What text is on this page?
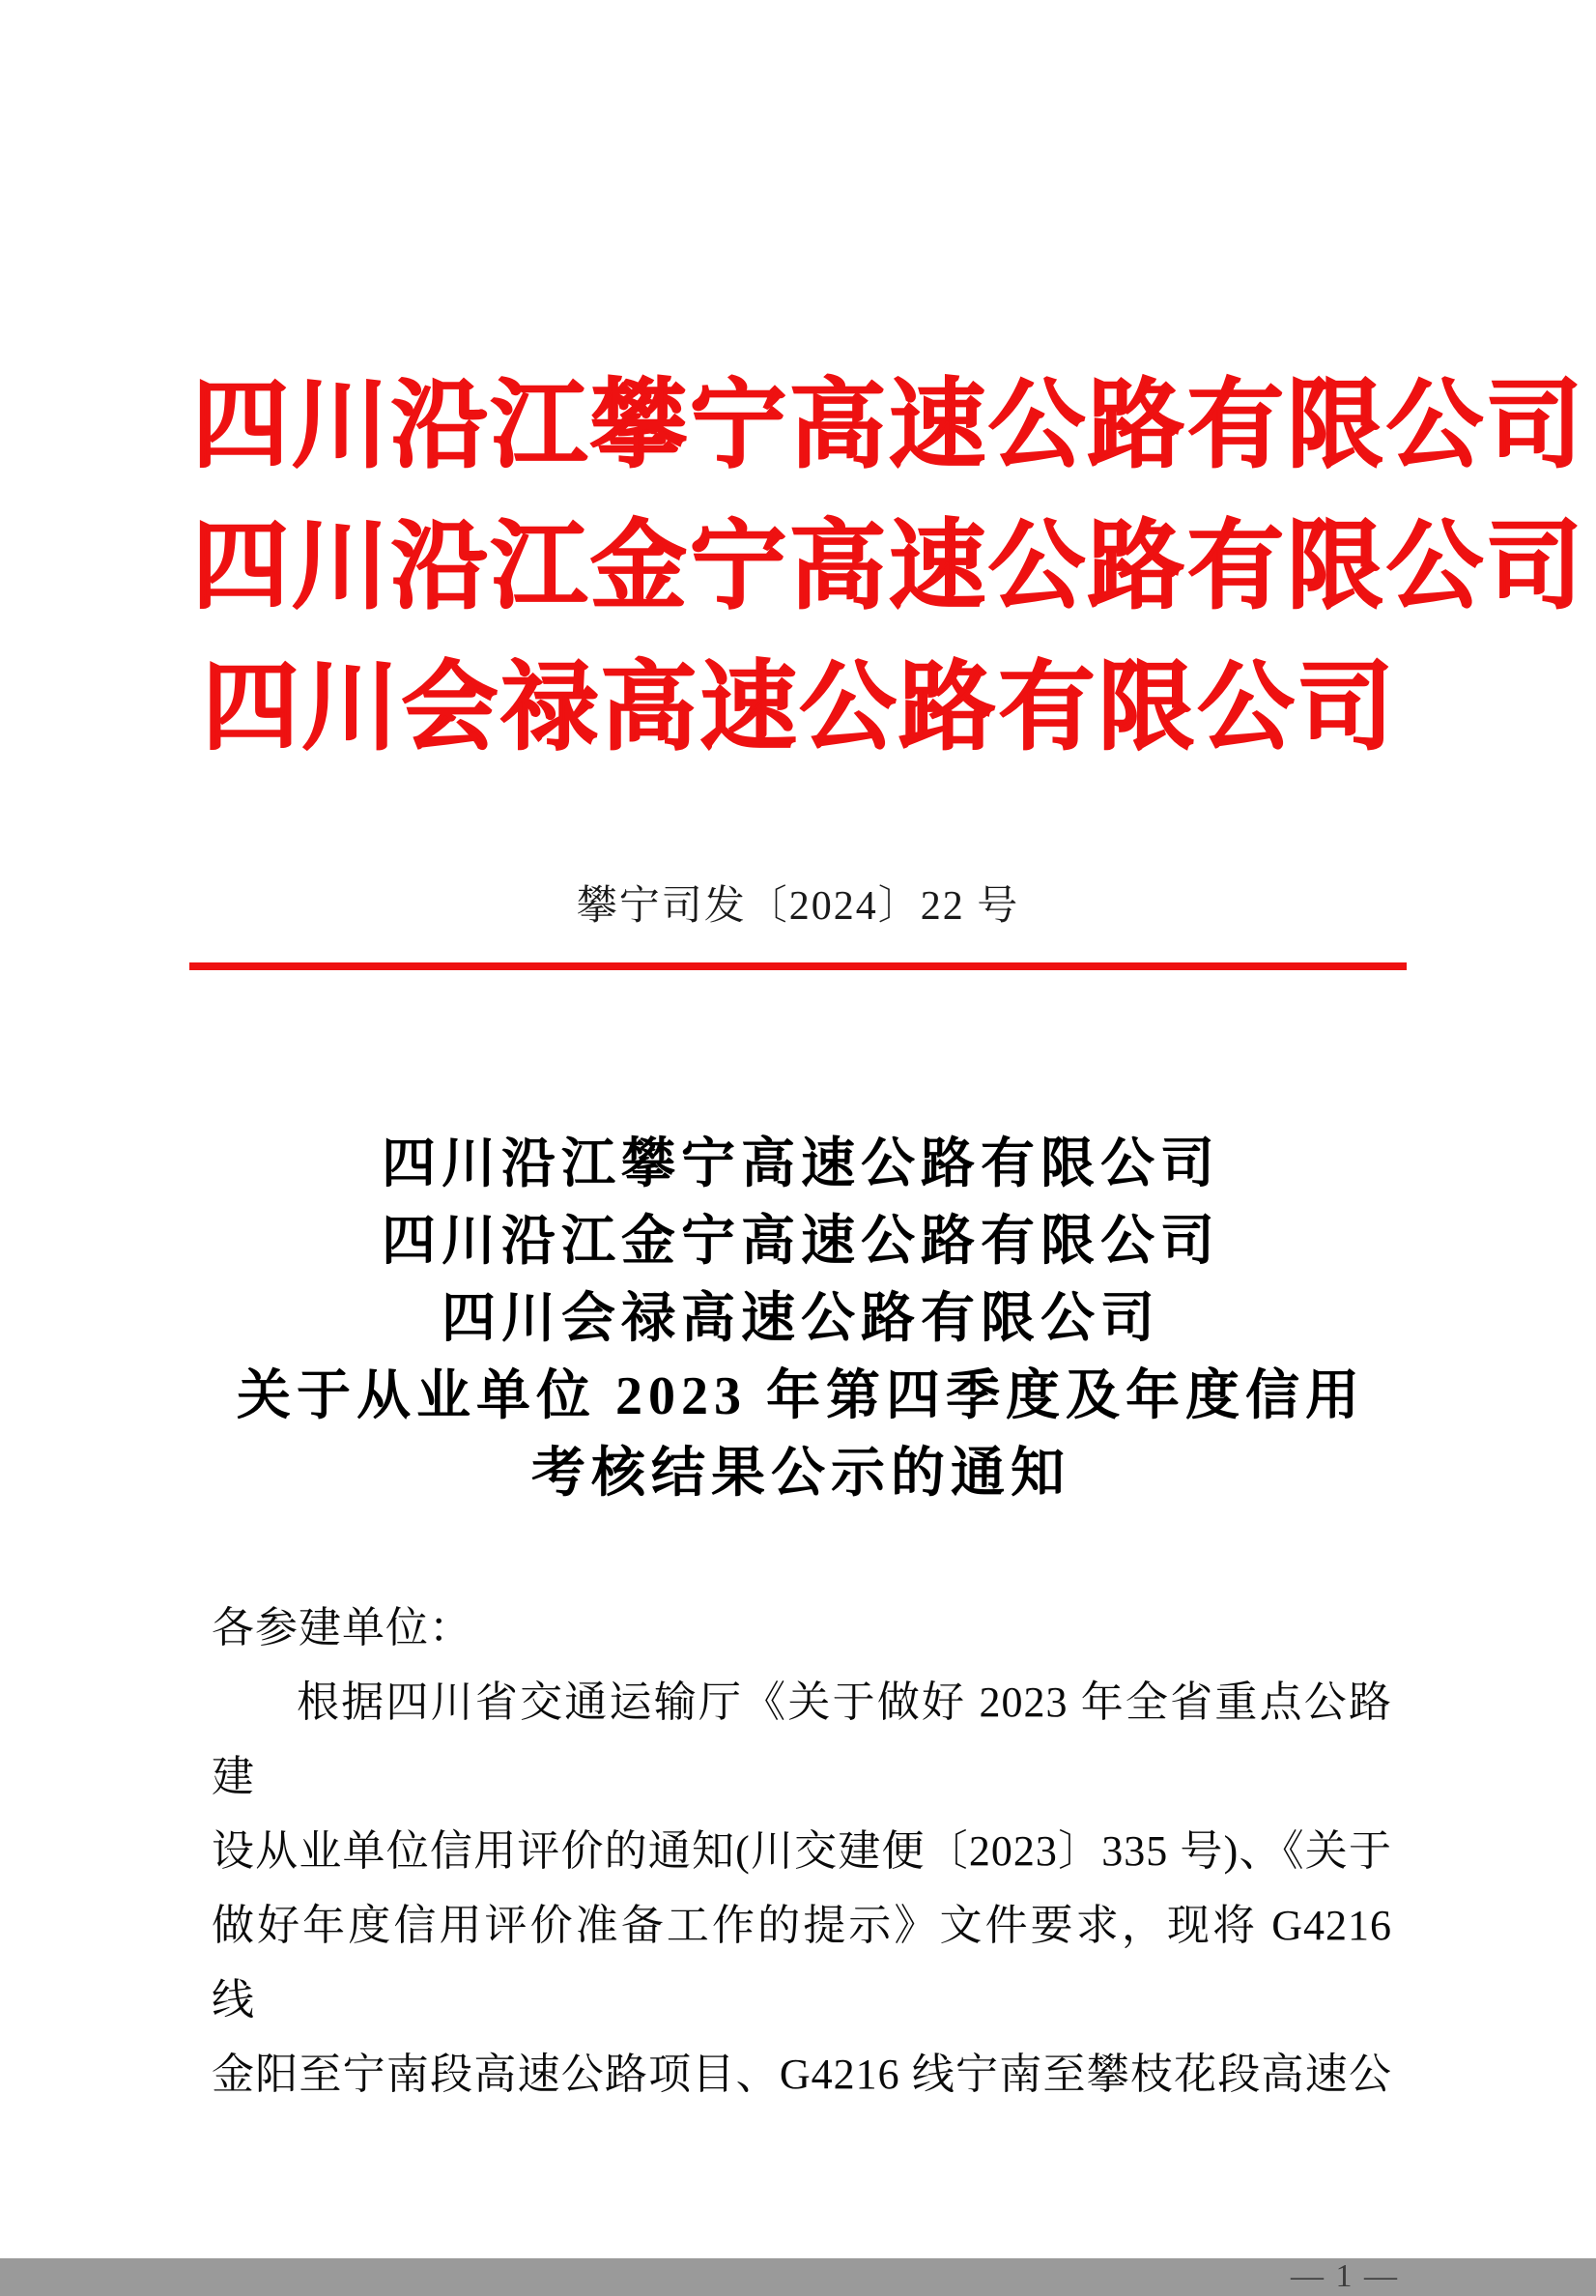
四川沿江攀宁高速公路有限公司
四川沿江金宁高速公路有限公司
四川会禄高速公路有限公司
攀宁司发〔2024〕22 号
四川沿江攀宁高速公路有限公司
四川沿江金宁高速公路有限公司
四川会禄高速公路有限公司
关于从业单位 2023 年第四季度及年度信用
考核结果公示的通知
各参建单位：
根据四川省交通运输厅《关于做好 2023 年全省重点公路建
设从业单位信用评价的通知(川交建便〔2023〕335 号)、《关于
做好年度信用评价准备工作的提示》文件要求，现将 G4216 线
金阳至宁南段高速公路项目、G4216 线宁南至攀枝花段高速公
— 1 —
